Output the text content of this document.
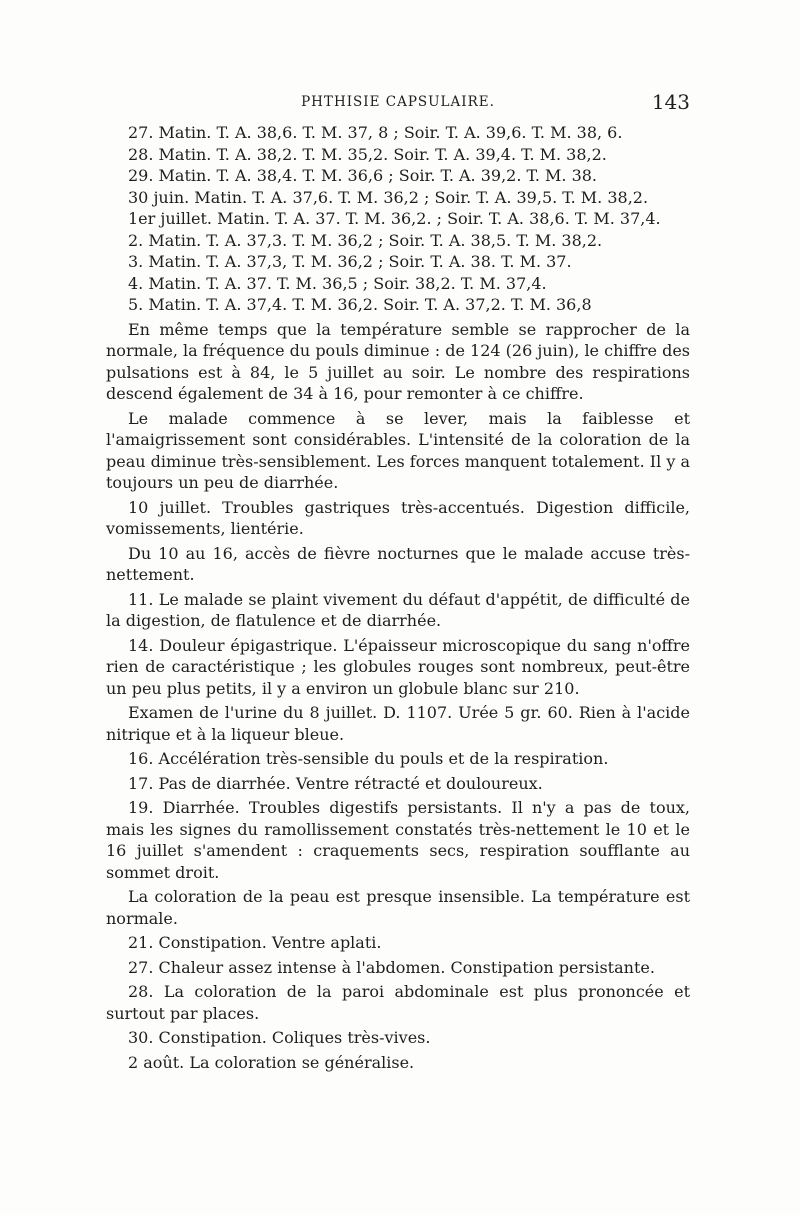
PHTHISIE CAPSULAIRE.	143
27. Matin. T. A. 38,6. T. M. 37, 8 ; Soir. T. A. 39,6. T. M. 38, 6.
28. Matin. T. A. 38,2. T. M. 35,2. Soir. T. A. 39,4. T. M. 38,2.
29. Matin. T. A. 38,4. T. M. 36,6 ; Soir. T. A. 39,2. T. M. 38.
30 juin. Matin. T. A. 37,6. T. M. 36,2 ; Soir. T. A. 39,5. T. M. 38,2.
1er juillet. Matin. T. A. 37. T. M. 36,2. ; Soir. T. A. 38,6. T. M. 37,4.
2. Matin. T. A. 37,3. T. M. 36,2 ; Soir. T. A. 38,5. T. M. 38,2.
3. Matin. T. A. 37,3, T. M. 36,2 ; Soir. T. A. 38. T. M. 37.
4. Matin. T. A. 37. T. M. 36,5 ; Soir. 38,2. T. M. 37,4.
5. Matin. T. A. 37,4. T. M. 36,2. Soir. T. A. 37,2. T. M. 36,8

En même temps que la température semble se rapprocher de la normale, la fréquence du pouls diminue : de 124 (26 juin), le chiffre des pulsations est à 84, le 5 juillet au soir. Le nombre des respirations descend également de 34 à 16, pour remonter à ce chiffre.

Le malade commence à se lever, mais la faiblesse et l'amaigrissement sont considérables. L'intensité de la coloration de la peau diminue très-sensiblement. Les forces manquent totalement. Il y a toujours un peu de diarrhée.

10 juillet. Troubles gastriques très-accentués. Digestion difficile, vomissements, lientérie.

Du 10 au 16, accès de fièvre nocturnes que le malade accuse très-nettement.

11. Le malade se plaint vivement du défaut d'appétit, de difficulté de la digestion, de flatulence et de diarrhée.

14. Douleur épigastrique. L'épaisseur microscopique du sang n'offre rien de caractéristique ; les globules rouges sont nombreux, peut-être un peu plus petits, il y a environ un globule blanc sur 210.

Examen de l'urine du 8 juillet. D. 1107. Urée 5 gr. 60. Rien à l'acide nitrique et à la liqueur bleue.

16. Accélération très-sensible du pouls et de la respiration.

17. Pas de diarrhée. Ventre rétracté et douloureux.

19. Diarrhée. Troubles digestifs persistants. Il n'y a pas de toux, mais les signes du ramollissement constatés très-nettement le 10 et le 16 juillet s'amendent : craquements secs, respiration soufflante au sommet droit.

La coloration de la peau est presque insensible. La température est normale.

21. Constipation. Ventre aplati.

27. Chaleur assez intense à l'abdomen. Constipation persistante.

28. La coloration de la paroi abdominale est plus prononcée et surtout par places.

30. Constipation. Coliques très-vives.

2 août. La coloration se généralise.
